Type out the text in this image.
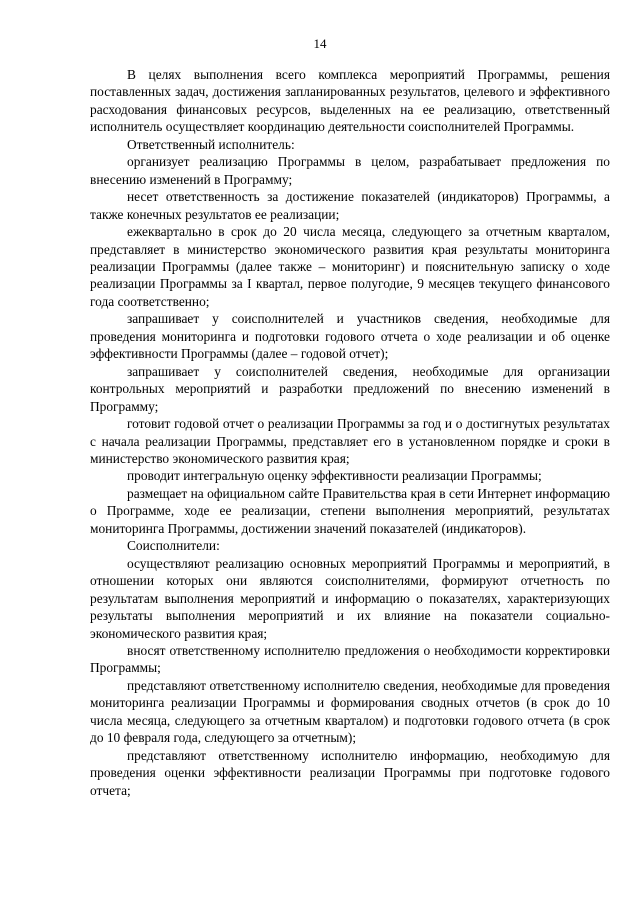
14

В целях выполнения всего комплекса мероприятий Программы, решения поставленных задач, достижения запланированных результатов, целевого и эффективного расходования финансовых ресурсов, выделенных на ее реализацию, ответственный исполнитель осуществляет координацию деятельности соисполнителей Программы.

Ответственный исполнитель:

организует реализацию Программы в целом, разрабатывает предложения по внесению изменений в Программу;

несет ответственность за достижение показателей (индикаторов) Программы, а также конечных результатов ее реализации;

ежеквартально в срок до 20 числа месяца, следующего за отчетным кварталом, представляет в министерство экономического развития края результаты мониторинга реализации Программы (далее также – мониторинг) и пояснительную записку о ходе реализации Программы за I квартал, первое полугодие, 9 месяцев текущего финансового года соответственно;

запрашивает у соисполнителей и участников сведения, необходимые для проведения мониторинга и подготовки годового отчета о ходе реализации и об оценке эффективности Программы (далее – годовой отчет);

запрашивает у соисполнителей сведения, необходимые для организации контрольных мероприятий и разработки предложений по внесению изменений в Программу;

готовит годовой отчет о реализации Программы за год и о достигнутых результатах с начала реализации Программы, представляет его в установленном порядке и сроки в министерство экономического развития края;

проводит интегральную оценку эффективности реализации Программы;

размещает на официальном сайте Правительства края в сети Интернет информацию о Программе, ходе ее реализации, степени выполнения мероприятий, результатах мониторинга Программы, достижении значений показателей (индикаторов).

Соисполнители:

осуществляют реализацию основных мероприятий Программы и мероприятий, в отношении которых они являются соисполнителями, формируют отчетность по результатам выполнения мероприятий и информацию о показателях, характеризующих результаты выполнения мероприятий и их влияние на показатели социально-экономического развития края;

вносят ответственному исполнителю предложения о необходимости корректировки Программы;

представляют ответственному исполнителю сведения, необходимые для проведения мониторинга реализации Программы и формирования сводных отчетов (в срок до 10 числа месяца, следующего за отчетным кварталом) и подготовки годового отчета (в срок до 10 февраля года, следующего за отчетным);

представляют ответственному исполнителю информацию, необходимую для проведения оценки эффективности реализации Программы при подготовке годового отчета;
